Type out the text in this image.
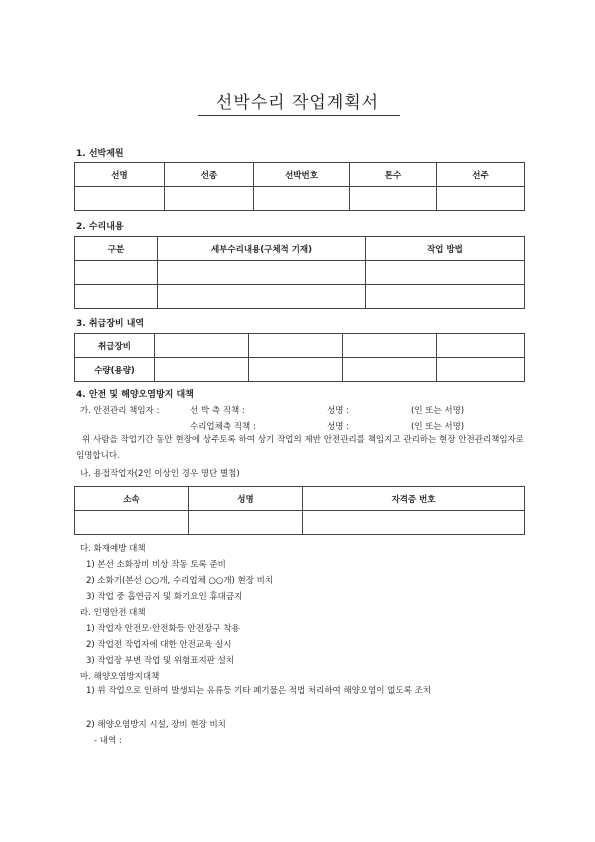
선박수리 작업계획서
1. 선박제원
선명	선종	선박번호	톤수	선주

2. 수리내용
구분	세부수리내용(구체적 기재)	작업 방법

3. 취급장비 내역
취급장비				
수량(용량)				
4. 안전 및 해양오염방지 대책
가. 안전관리 책임자 :	선 박 측 직책 :	성명 :	(인 또는 서명)
수리업체측 직책 :	성명 :	(인 또는 서명)
위 사람을 작업기간 동안 현장에 상주토록 하여 상기 작업의 제반 안전관리를 책임지고 관리하는 현장 안전관리책임자로 임명합니다.
나. 용접작업자(2인 이상인 경우 명단 별첨)
소속	성명	자격증 번호

다. 화재예방 대책
1) 본선 소화장비 비상 작동 토록 준비
2) 소화기(본선 ○○개, 수리업체 ○○개) 현장 비치
3) 작업 중 흡연금지 및 화기요인 휴대금지
라. 인명안전 대책
1) 작업자 안전모·안전화등 안전장구 착용
2) 작업전 작업자에 대한 안전교육 실시
3) 작업장 부변 작업 및 위험표지판 설치
마. 해양오염방지대책
1) 위 작업으로 인하여 발생되는 유류등 기타 폐기물은 적법 처리하여 해양오염이 없도록 조치
2) 해양오염방지 시설, 장비 현장 비치
- 내역 :
